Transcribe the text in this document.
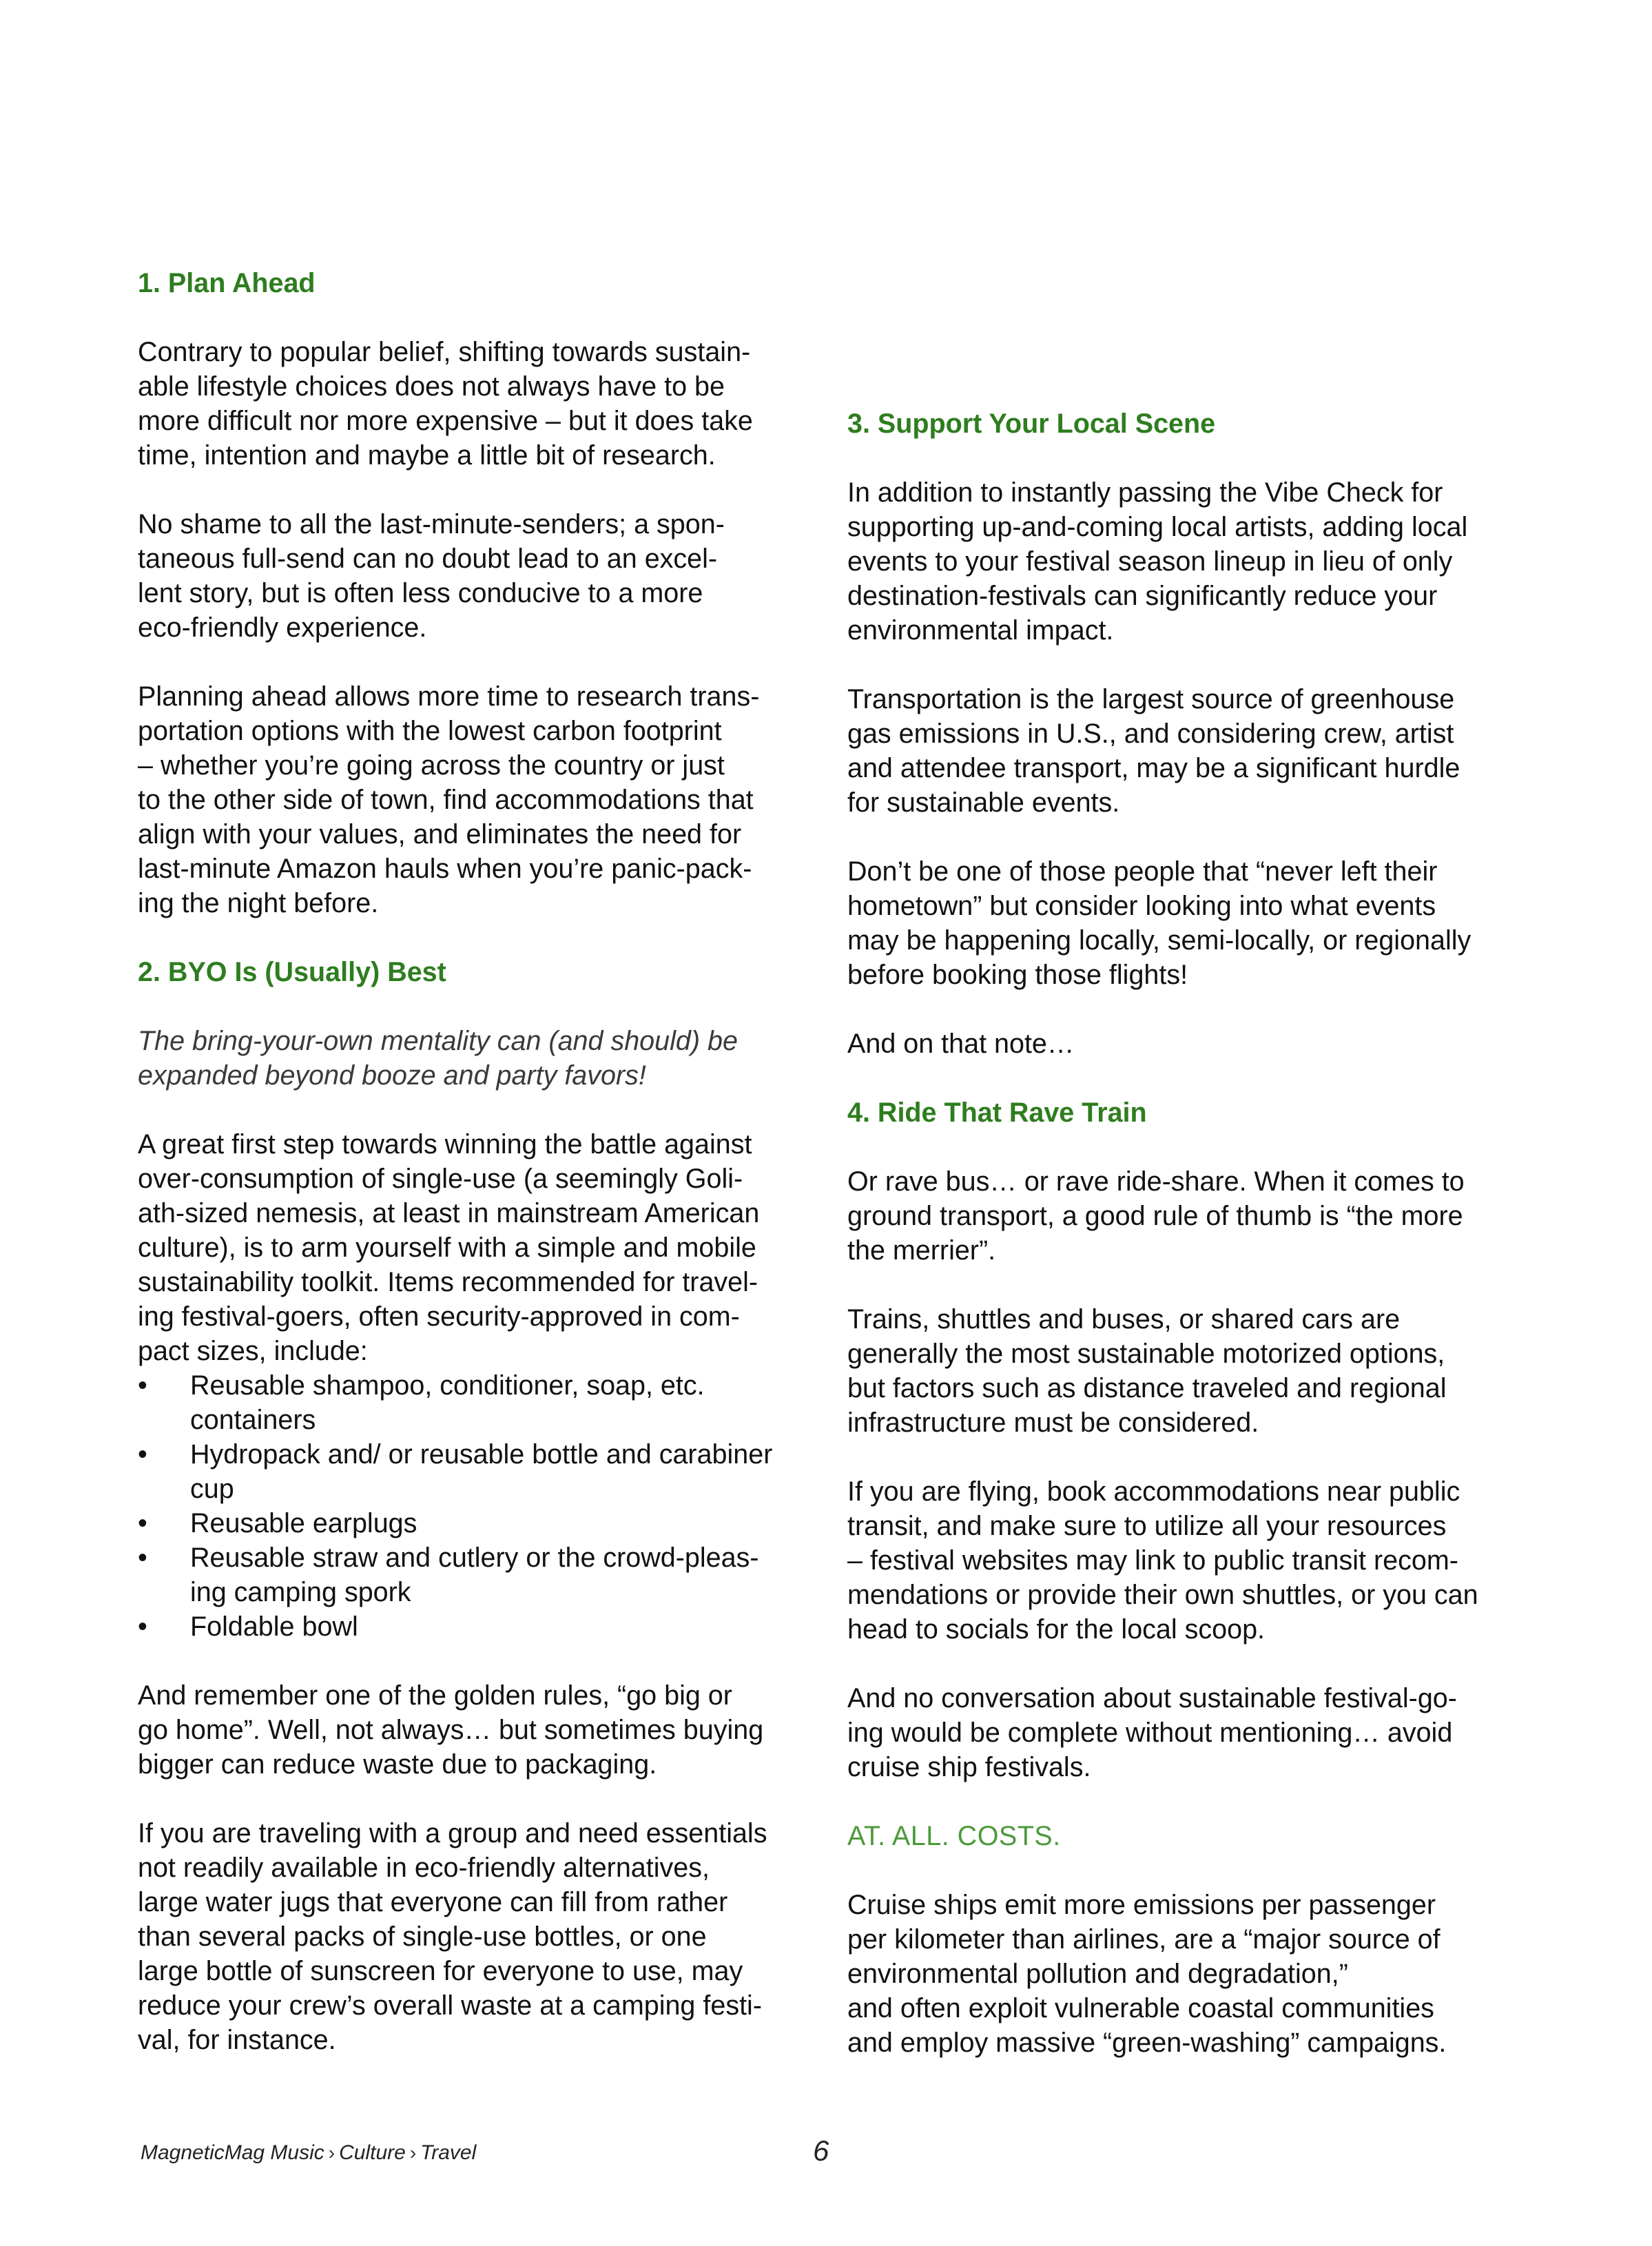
1. Plan Ahead

Contrary to popular belief, shifting towards sustain-
able lifestyle choices does not always have to be
more difficult nor more expensive – but it does take
time, intention and maybe a little bit of research.

No shame to all the last-minute-senders; a spon-
taneous full-send can no doubt lead to an excel-
lent story, but is often less conducive to a more
eco-friendly experience.

Planning ahead allows more time to research trans-
portation options with the lowest carbon footprint
– whether you’re going across the country or just
to the other side of town, find accommodations that
align with your values, and eliminates the need for
last-minute Amazon hauls when you’re panic-pack-
ing the night before.

2. BYO Is (Usually) Best

The bring-your-own mentality can (and should) be
expanded beyond booze and party favors!

A great first step towards winning the battle against
over-consumption of single-use (a seemingly Goli-
ath-sized nemesis, at least in mainstream American
culture), is to arm yourself with a simple and mobile
sustainability toolkit. Items recommended for travel-
ing festival-goers, often security-approved in com-
pact sizes, include:

• Reusable shampoo, conditioner, soap, etc.
containers
• Hydropack and/ or reusable bottle and carabiner
cup
• Reusable earplugs
• Reusable straw and cutlery or the crowd-pleas-
ing camping spork
• Foldable bowl

And remember one of the golden rules, “go big or
go home”. Well, not always… but sometimes buying
bigger can reduce waste due to packaging.

If you are traveling with a group and need essentials
not readily available in eco-friendly alternatives,
large water jugs that everyone can fill from rather
than several packs of single-use bottles, or one
large bottle of sunscreen for everyone to use, may
reduce your crew’s overall waste at a camping festi-
val, for instance.

3. Support Your Local Scene

In addition to instantly passing the Vibe Check for
supporting up-and-coming local artists, adding local
events to your festival season lineup in lieu of only
destination-festivals can significantly reduce your
environmental impact.

Transportation is the largest source of greenhouse
gas emissions in U.S., and considering crew, artist
and attendee transport, may be a significant hurdle
for sustainable events.

Don’t be one of those people that “never left their
hometown” but consider looking into what events
may be happening locally, semi-locally, or regionally
before booking those flights!

And on that note…

4. Ride That Rave Train

Or rave bus… or rave ride-share. When it comes to
ground transport, a good rule of thumb is “the more
the merrier”.

Trains, shuttles and buses, or shared cars are
generally the most sustainable motorized options,
but factors such as distance traveled and regional
infrastructure must be considered.

If you are flying, book accommodations near public
transit, and make sure to utilize all your resources
– festival websites may link to public transit recom-
mendations or provide their own shuttles, or you can
head to socials for the local scoop.

And no conversation about sustainable festival-go-
ing would be complete without mentioning… avoid
cruise ship festivals.

AT. ALL. COSTS.

Cruise ships emit more emissions per passenger
per kilometer than airlines, are a “major source of
environmental pollution and degradation,”
and often exploit vulnerable coastal communities
and employ massive “green-washing” campaigns.

MagneticMag Music › Culture › Travel	6
